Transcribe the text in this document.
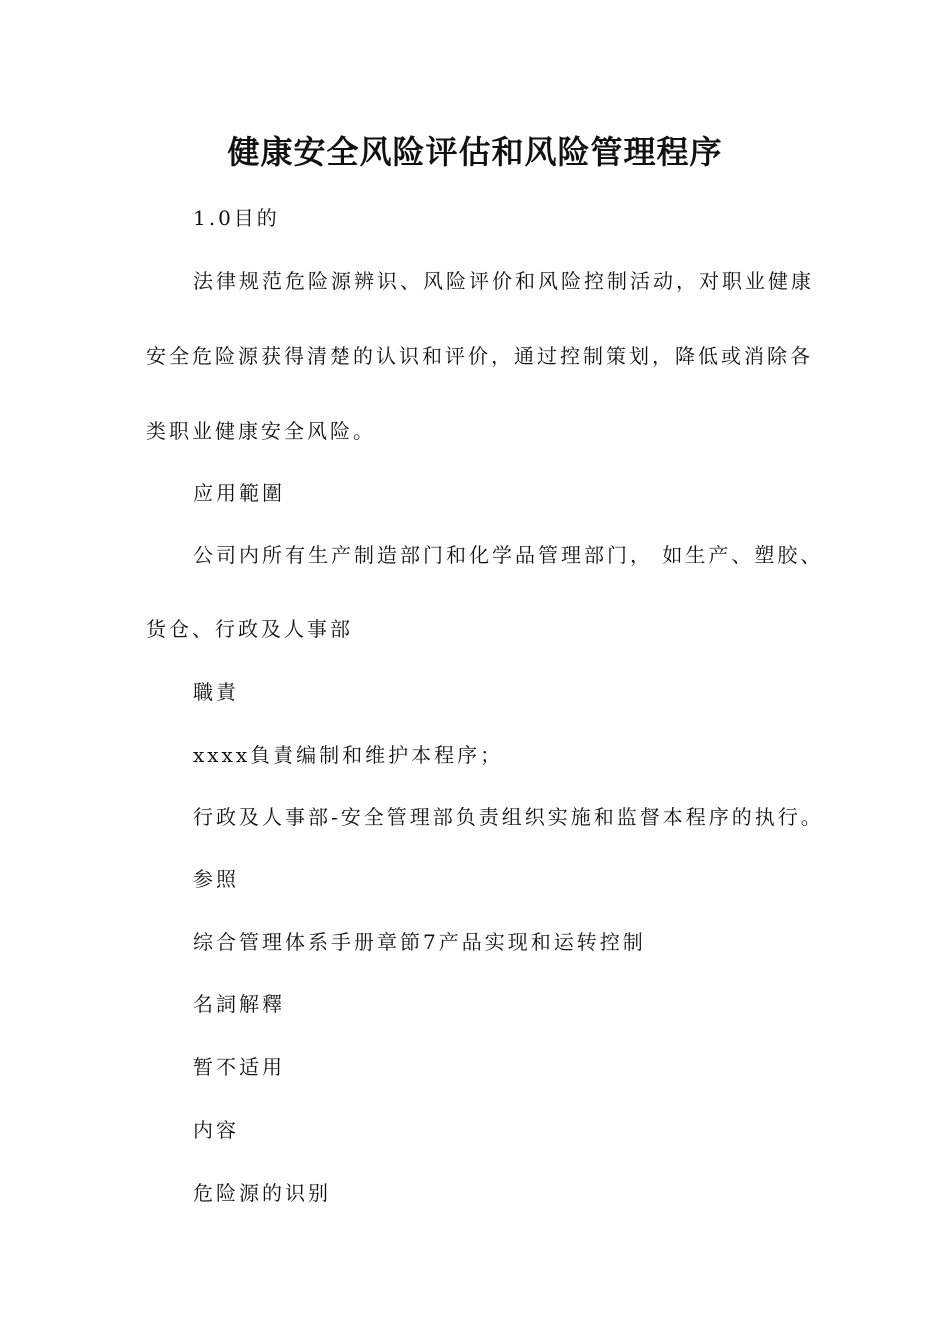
健康安全风险评估和风险管理程序
1.0目的
法律规范危险源辨识、风险评价和风险控制活动，对职业健康
安全危险源获得清楚的认识和评价，通过控制策划，降低或消除各
类职业健康安全风险。
应用範圍
公司内所有生产制造部门和化学品管理部门， 如生产、塑胶、
货仓、行政及人事部
職責
xxxx負責编制和维护本程序；
行政及人事部-安全管理部负责组织实施和监督本程序的执行。
参照
综合管理体系手册章節7产品实现和运转控制
名詞解釋
暂不适用
内容
危险源的识别
